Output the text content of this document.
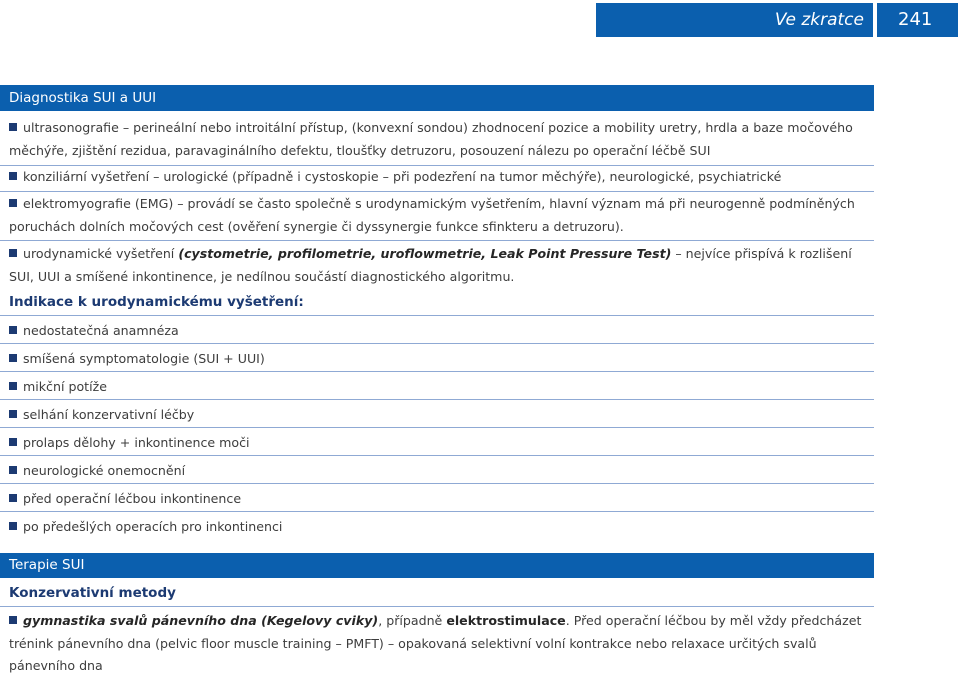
Ve zkratce 241
Diagnostika SUI a UUI
ultrasonografie – perineální nebo introitální přístup, (konvexní sondou) zhodnocení pozice a mobility uretry, hrdla a baze močového měchýře, zjištění rezidua, paravaginálního defektu, tloušťky detruzoru, posouzení nálezu po operační léčbě SUI
konziliární vyšetření – urologické (případně i cystoskopie – při podezření na tumor měchýře), neurologické, psychiatrické
elektromyografie (EMG) – provádí se často společně s urodynamickým vyšetřením, hlavní význam má při neurogenně podmíněných poruchách dolních močových cest (ověření synergie či dyssynergie funkce sfinkteru a detruzoru).
urodynamické vyšetření (cystometrie, profilometrie, uroflowmetrie, Leak Point Pressure Test) – nejvíce přispívá k rozlišení SUI, UUI a smíšené inkontinence, je nedílnou součástí diagnostického algoritmu.
Indikace k urodynamickému vyšetření:
nedostatečná anamnéza
smíšená symptomatologie (SUI + UUI)
mikční potíže
selhání konzervativní léčby
prolaps dělohy + inkontinence moči
neurologické onemocnění
před operační léčbou inkontinence
po předešlých operacích pro inkontinenci
Terapie SUI
Konzervativní metody
gymnastika svalů pánevního dna (Kegelovy cviky), případně elektrostimulace. Před operační léčbou by měl vždy předcházet trénink pánevního dna (pelvic floor muscle training – PMFT) – opakovaná selektivní volní kontrakce nebo relaxace určitých svalů pánevního dna
